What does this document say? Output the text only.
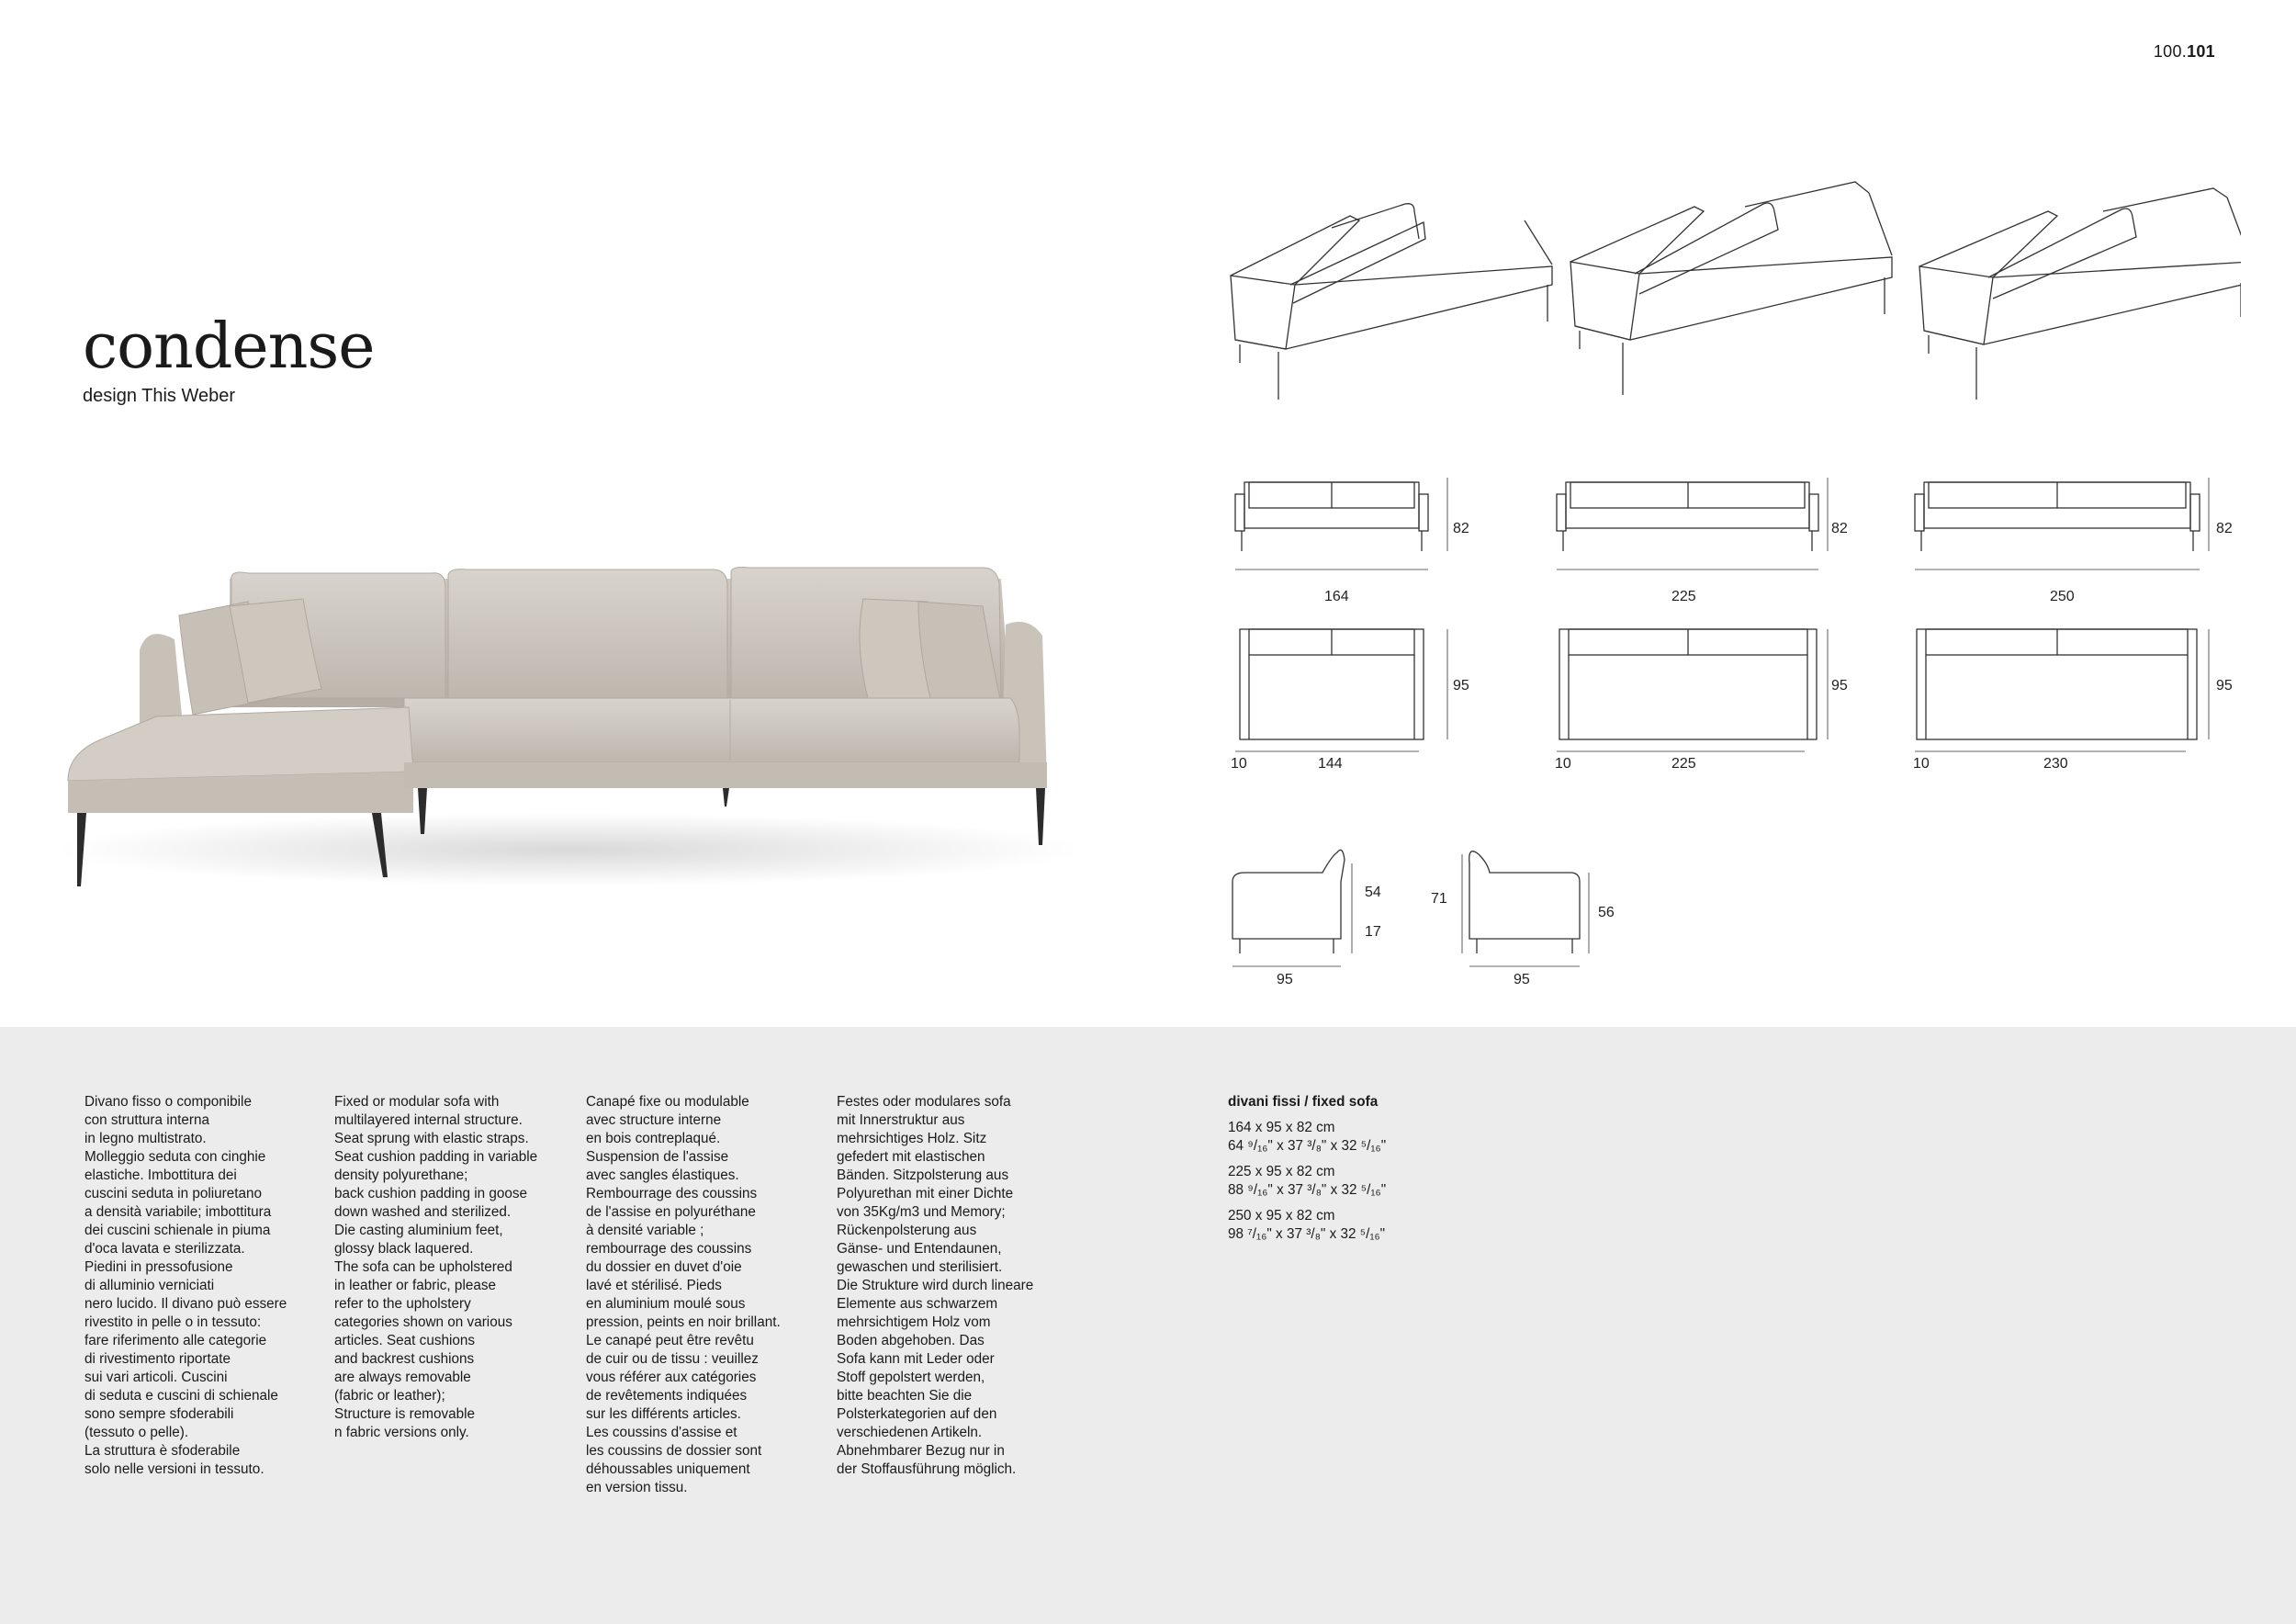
100.101
condense

design This Weber

164
82
225
82
250
82
10	144
95
10	225
95
10	230
95
54
17
95
71
56
95
Divano fisso o componibile
con struttura interna
in legno multistrato.
Molleggio seduta con cinghie
elastiche. Imbottitura dei
cuscini seduta in poliuretano
a densità variabile; imbottitura
dei cuscini schienale in piuma
d'oca lavata e sterilizzata.
Piedini in pressofusione
di alluminio verniciati
nero lucido. Il divano può essere
rivestito in pelle o in tessuto:
fare riferimento alle categorie
di rivestimento riportate
sui vari articoli. Cuscini
di seduta e cuscini di schienale
sono sempre sfoderabili
(tessuto o pelle).
La struttura è sfoderabile
solo nelle versioni in tessuto.
Fixed or modular sofa with
multilayered internal structure.
Seat sprung with elastic straps.
Seat cushion padding in variable
density polyurethane;
back cushion padding in goose
down washed and sterilized.
Die casting aluminium feet,
glossy black laquered.
The sofa can be upholstered
in leather or fabric, please
refer to the upholstery
categories shown on various
articles. Seat cushions
and backrest cushions
are always removable
(fabric or leather);
Structure is removable
n fabric versions only.
Canapé fixe ou modulable
avec structure interne
en bois contreplaqué.
Suspension de l'assise
avec sangles élastiques.
Rembourrage des coussins
de l'assise en polyuréthane
à densité variable ;
rembourrage des coussins
du dossier en duvet d'oie
lavé et stérilisé. Pieds
en aluminium moulé sous
pression, peints en noir brillant.
Le canapé peut être revêtu
de cuir ou de tissu : veuillez
vous référer aux catégories
de revêtements indiquées
sur les différents articles.
Les coussins d'assise et
les coussins de dossier sont
déhoussables uniquement
en version tissu.
Festes oder modulares sofa
mit Innerstruktur aus
mehrsichtiges Holz. Sitz
gefedert mit elastischen
Bänden. Sitzpolsterung aus
Polyurethan mit einer Dichte
von 35Kg/m3 und Memory;
Rückenpolsterung aus
Gänse- und Entendaunen,
gewaschen und sterilisiert.
Die Strukture wird durch lineare
Elemente aus schwarzem
mehrsichtigem Holz vom
Boden abgehoben. Das
Sofa kann mit Leder oder
Stoff gepolstert werden,
bitte beachten Sie die
Polsterkategorien auf den
verschiedenen Artikeln.
Abnehmbarer Bezug nur in
der Stoffausführung möglich.
divani fissi / fixed sofa
164 x 95 x 82 cm
64 ⁹/₁₆" x 37 ³/₈" x 32 ⁵/₁₆"
225 x 95 x 82 cm
88 ⁹/₁₆" x 37 ³/₈" x 32 ⁵/₁₆"
250 x 95 x 82 cm
98 ⁷/₁₆" x 37 ³/₈" x 32 ⁵/₁₆"
